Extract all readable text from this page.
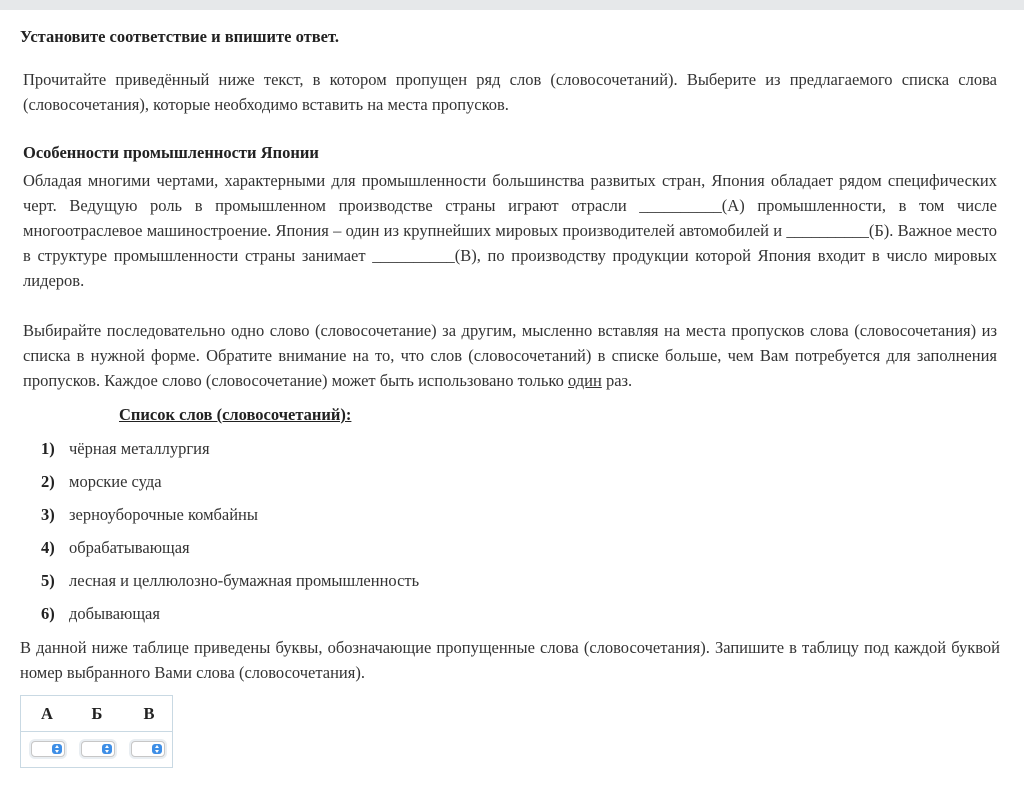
Установите соответствие и впишите ответ.
Прочитайте приведённый ниже текст, в котором пропущен ряд слов (словосочетаний). Выберите из предлагаемого списка слова (словосочетания), которые необходимо вставить на места пропусков.
Особенности промышленности Японии
Обладая многими чертами, характерными для промышленности большинства развитых стран, Япония обладает рядом специфических черт. Ведущую роль в промышленном производстве страны играют отрасли __________(А) промышленности, в том числе многоотраслевое машиностроение. Япония – один из крупнейших мировых производителей автомобилей и __________(Б). Важное место в структуре промышленности страны занимает __________(В), по производству продукции которой Япония входит в число мировых лидеров.
Выбирайте последовательно одно слово (словосочетание) за другим, мысленно вставляя на места пропусков слова (словосочетания) из списка в нужной форме. Обратите внимание на то, что слов (словосочетаний) в списке больше, чем Вам потребуется для заполнения пропусков. Каждое слово (словосочетание) может быть использовано только один раз.
Список слов (словосочетаний):
1) чёрная металлургия
2) морские суда
3) зерноуборочные комбайны
4) обрабатывающая
5) лесная и целлюлозно-бумажная промышленность
6) добывающая
В данной ниже таблице приведены буквы, обозначающие пропущенные слова (словосочетания). Запишите в таблицу под каждой буквой номер выбранного Вами слова (словосочетания).
А Б В
